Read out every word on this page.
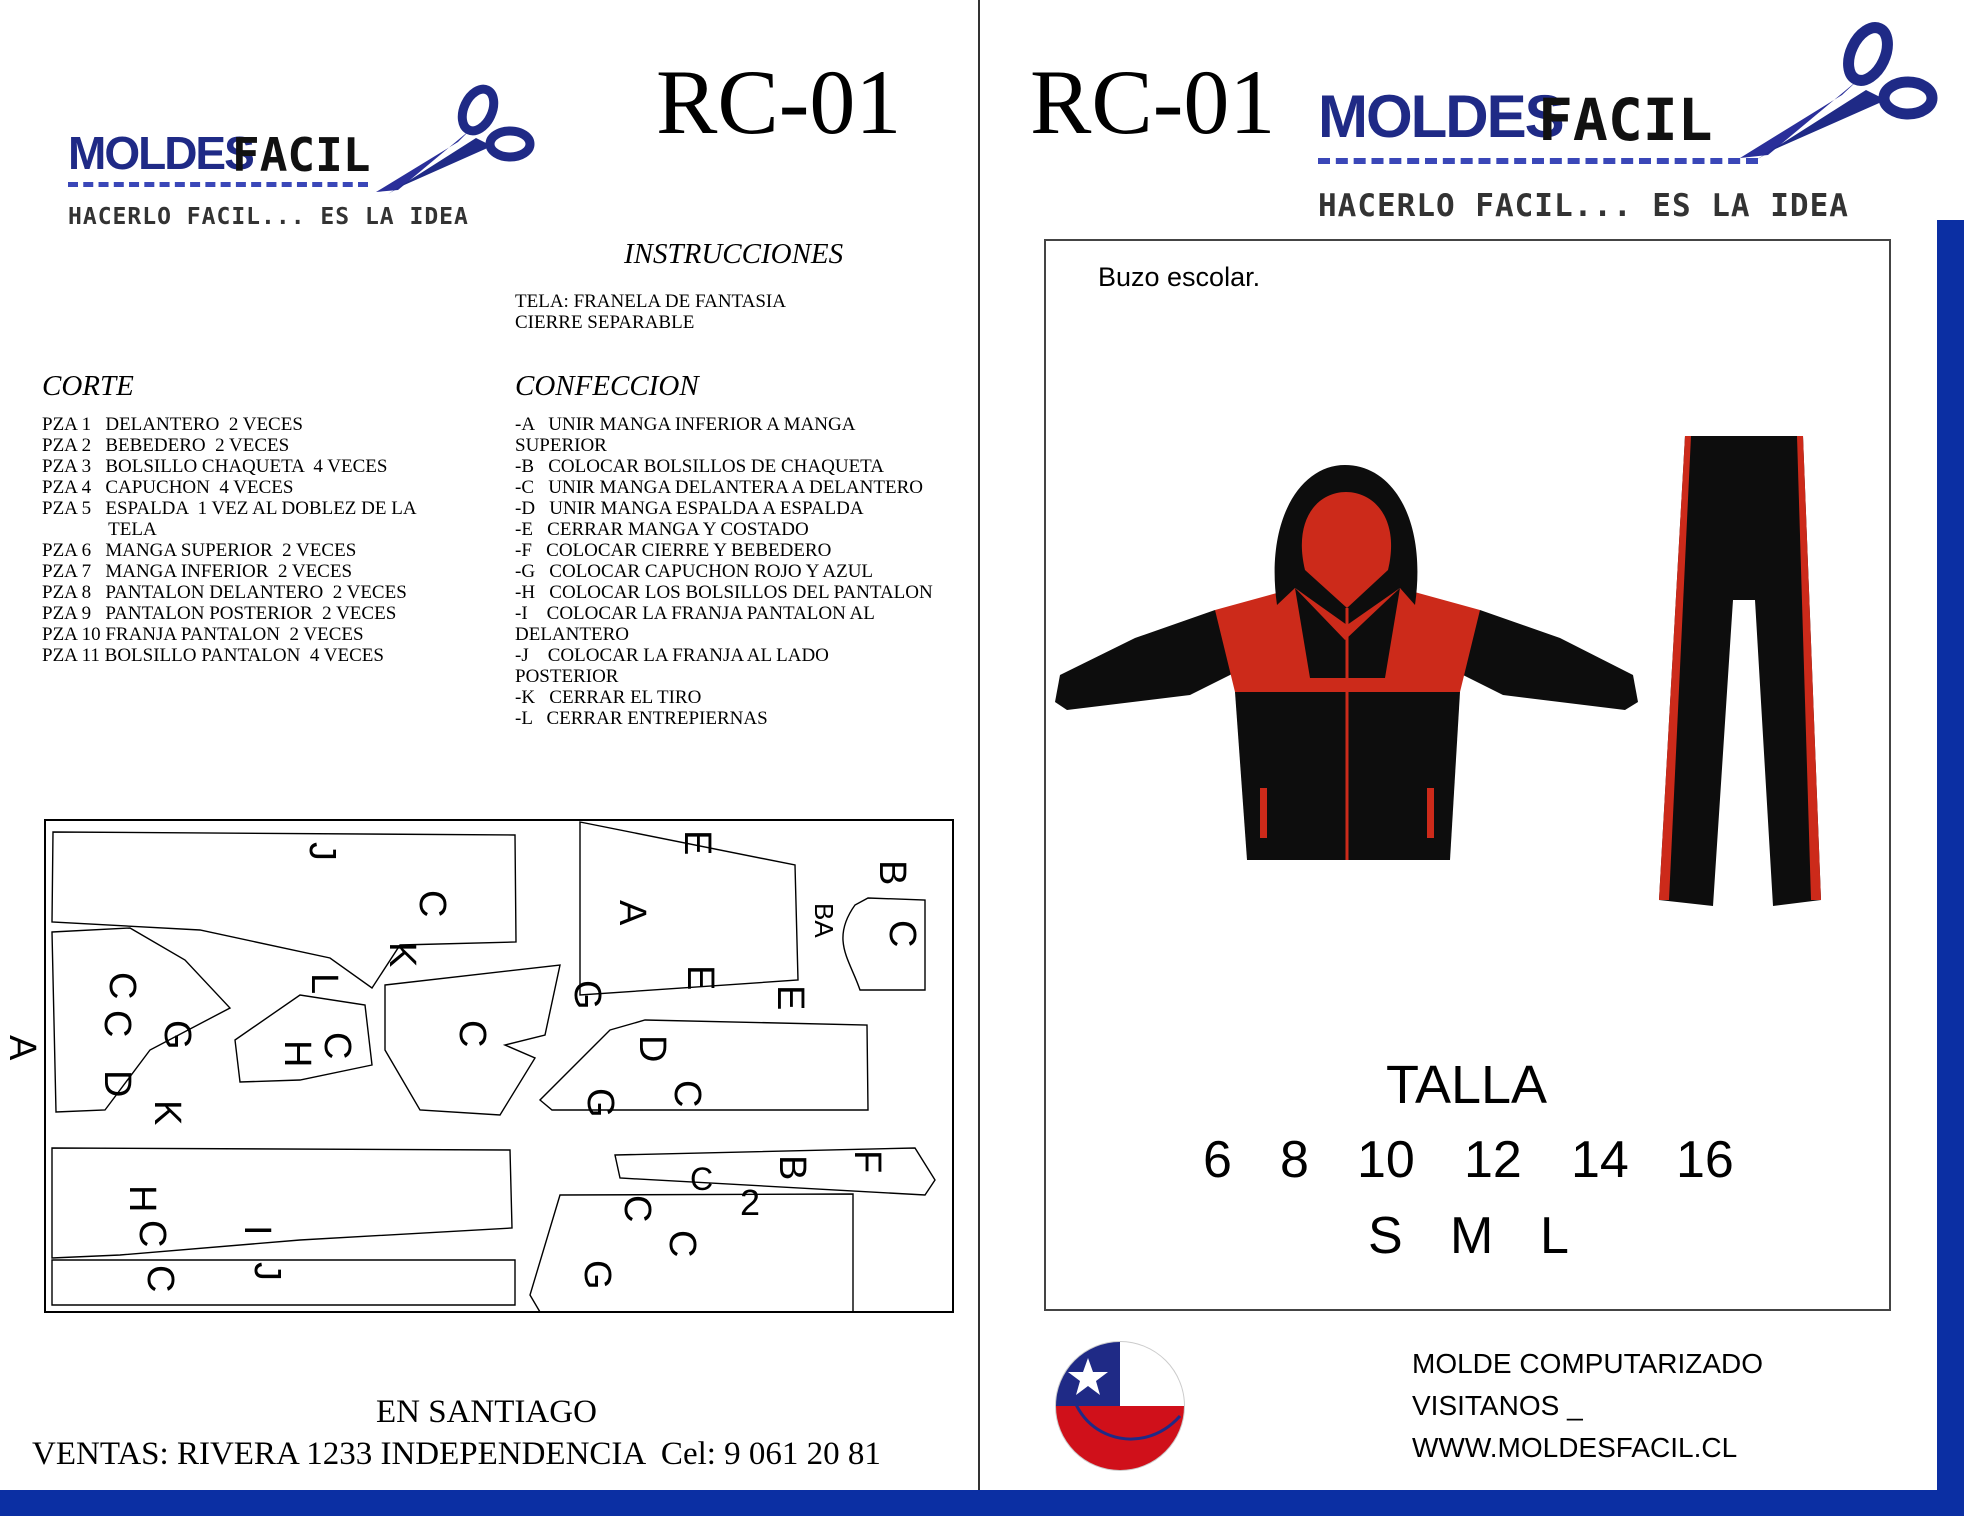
MOLDES
FACIL
HACERLO FACIL... ES LA IDEA
RC-01
INSTRUCCIONES
TELA: FRANELA DE FANTASIA
CIERRE SEPARABLE
CORTE
PZA 1   DELANTERO  2 VECES
PZA 2   BEBEDERO  2 VECES
PZA 3   BOLSILLO CHAQUETA  4 VECES
PZA 4   CAPUCHON  4 VECES
PZA 5   ESPALDA  1 VEZ AL DOBLEZ DE LA
TELA
PZA 6   MANGA SUPERIOR  2 VECES
PZA 7   MANGA INFERIOR  2 VECES
PZA 8   PANTALON DELANTERO  2 VECES
PZA 9   PANTALON POSTERIOR  2 VECES
PZA 10 FRANJA PANTALON  2 VECES
PZA 11 BOLSILLO PANTALON  4 VECES
CONFECCION
-A   UNIR MANGA INFERIOR A MANGA
SUPERIOR
-B   COLOCAR BOLSILLOS DE CHAQUETA
-C   UNIR MANGA DELANTERA A DELANTERO
-D   UNIR MANGA ESPALDA A ESPALDA
-E   CERRAR MANGA Y COSTADO
-F   COLOCAR CIERRE Y BEBEDERO
-G   COLOCAR CAPUCHON ROJO Y AZUL
-H   COLOCAR LOS BOLSILLOS DEL PANTALON
-I    COLOCAR LA FRANJA PANTALON AL
DELANTERO
-J    COLOCAR LA FRANJA AL LADO
POSTERIOR
-K   CERRAR EL TIRO
-L   CERRAR ENTREPIERNAS
J
C
K
L
C
C
C G
D
K
H
C
E
A
G
E
E
D
C
G
B
C
BA
H
C I
J
C
C
C
C
2
B
G
F
A
EN SANTIAGO
VENTAS: RIVERA 1233 INDEPENDENCIA  Cel: 9 061 20 81
RC-01 MOLDES
FACIL
HACERLO FACIL... ES LA IDEA
Buzo escolar.
TALLA
6 8 10 12 14 16
S M L
MOLDE COMPUTARIZADO
VISITANOS _
WWW.MOLDESFACIL.CL
